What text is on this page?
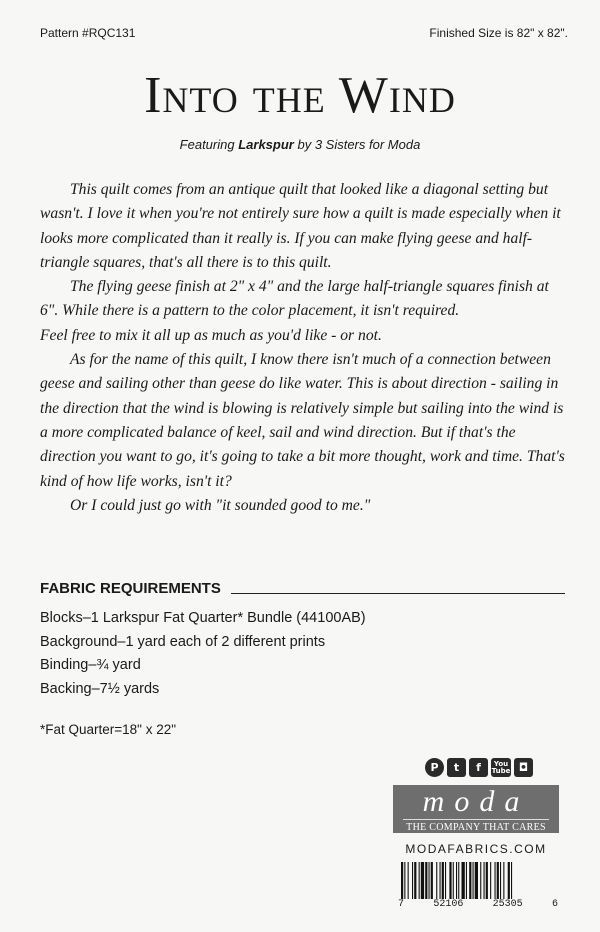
Pattern #RQC131	Finished Size is 82" x 82".
Into the Wind
Featuring Larkspur by 3 Sisters for Moda

This quilt comes from an antique quilt that looked like a diagonal setting but wasn't. I love it when you're not entirely sure how a quilt is made especially when it looks more complicated than it really is. If you can make flying geese and half-triangle squares, that's all there is to this quilt.

The flying geese finish at 2" x 4" and the large half-triangle squares finish at 6". While there is a pattern to the color placement, it isn't required.

Feel free to mix it all up as much as you'd like - or not.

As for the name of this quilt, I know there isn't much of a connection between geese and sailing other than geese do like water. This is about direction - sailing in the direction that the wind is blowing is relatively simple but sailing into the wind is a more complicated balance of keel, sail and wind direction. But if that's the direction you want to go, it's going to take a bit more thought, work and time. That's kind of how life works, isn't it?

Or I could just go with "it sounded good to me."

FABRIC REQUIREMENTS
Blocks–1 Larkspur Fat Quarter* Bundle (44100AB)
Background–1 yard each of 2 different prints
Binding–¾ yard
Backing–7½ yards
*Fat Quarter=18" x 22"
P	t	f	You
Tube ◘
moda
THE COMPANY THAT CARES
MODAFABRICS.COM
7	52106	25305	6
